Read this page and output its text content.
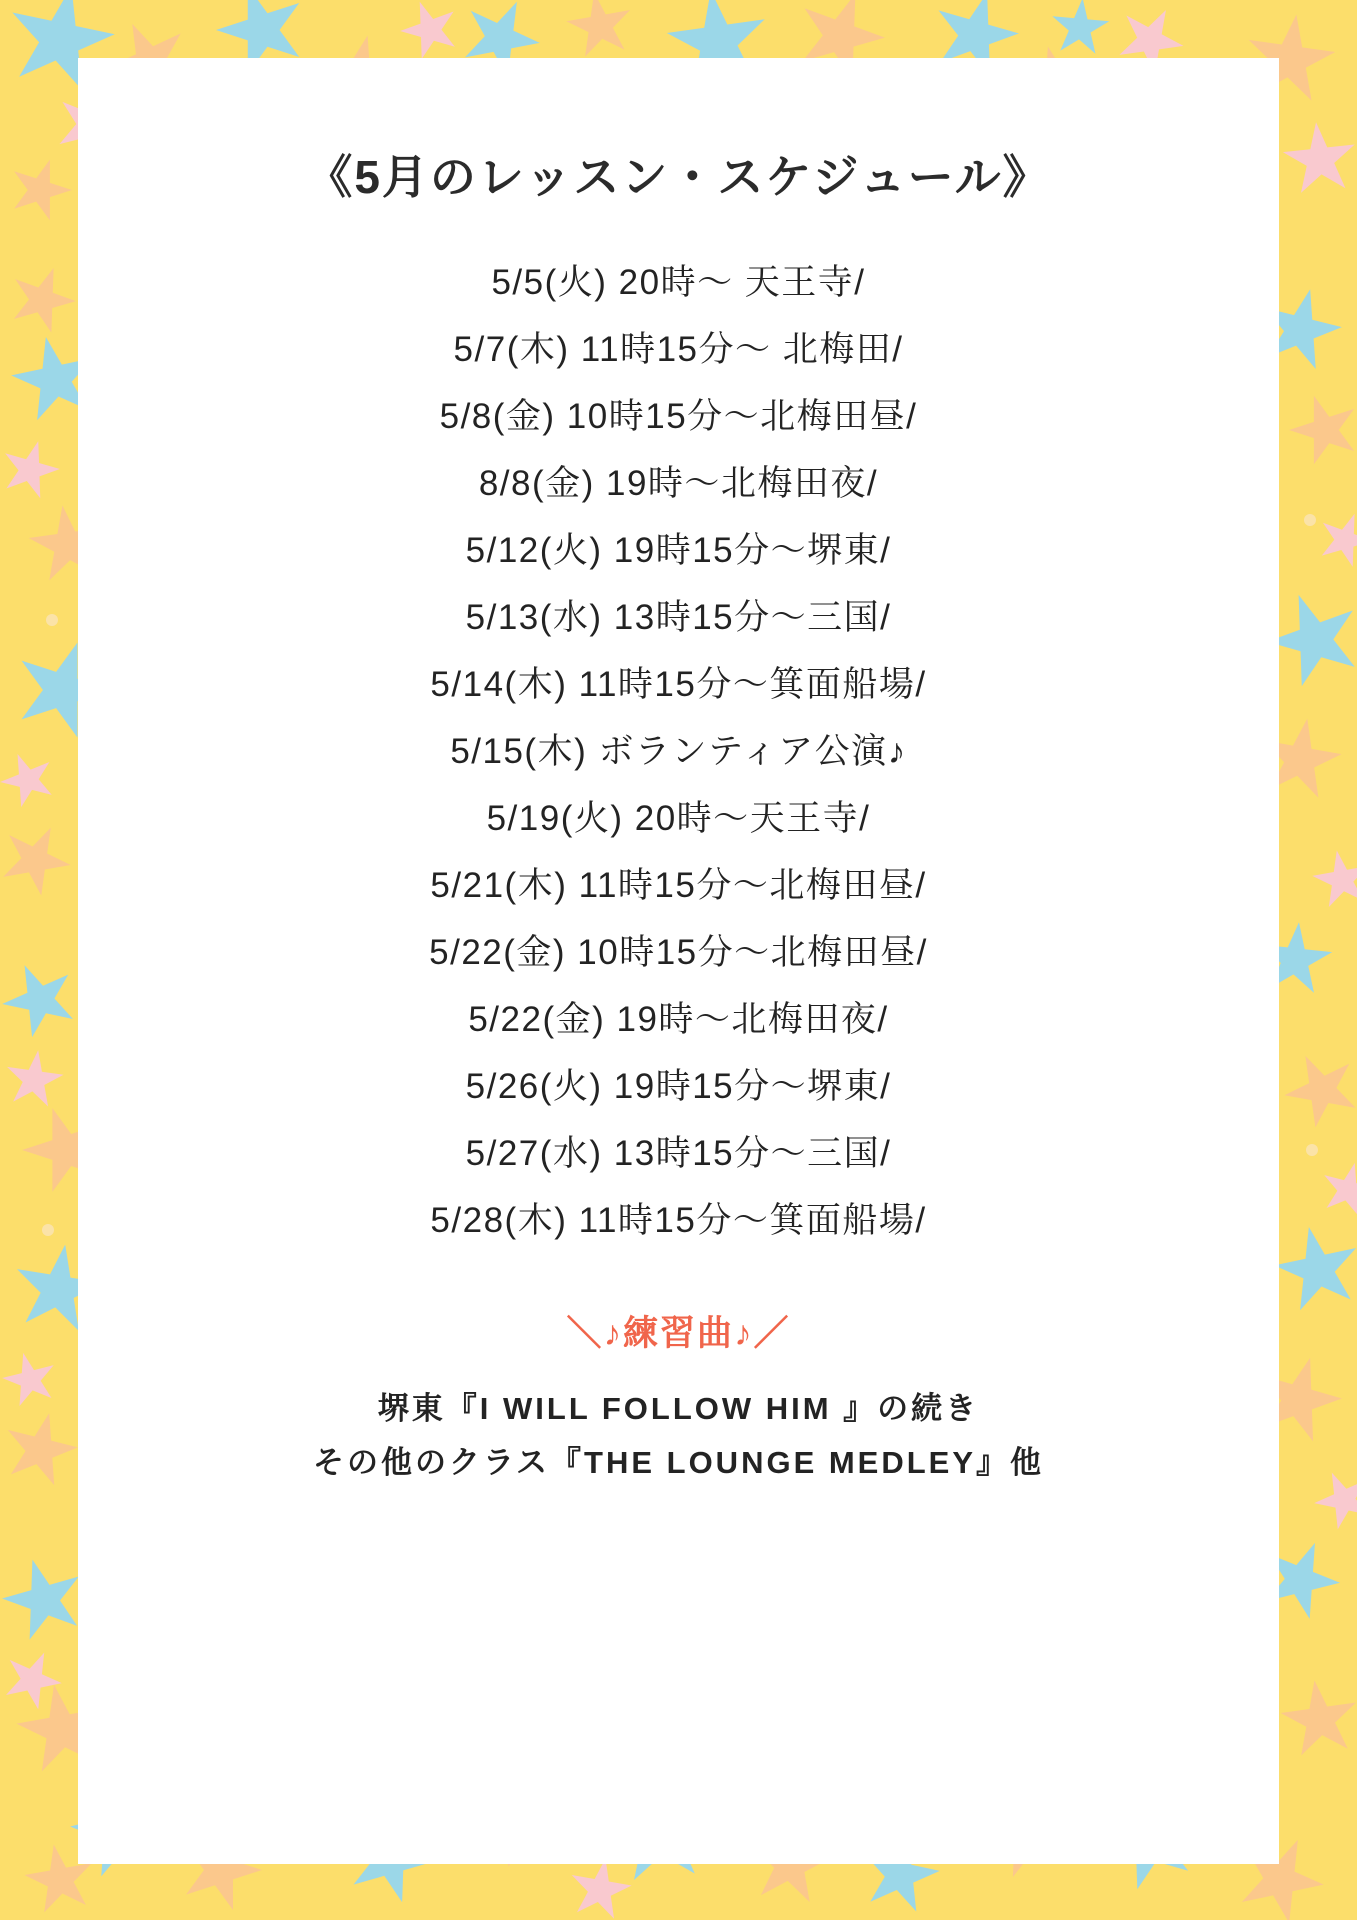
《5月のレッスン・スケジュール》
5/5(火) 20時〜 天王寺/
5/7(木) 11時15分〜 北梅田/
5/8(金) 10時15分〜北梅田昼/
8/8(金) 19時〜北梅田夜/
5/12(火) 19時15分〜堺東/
5/13(水) 13時15分〜三国/
5/14(木) 11時15分〜箕面船場/
5/15(木) ボランティア公演♪
5/19(火) 20時〜天王寺/
5/21(木) 11時15分〜北梅田昼/
5/22(金) 10時15分〜北梅田昼/
5/22(金) 19時〜北梅田夜/
5/26(火) 19時15分〜堺東/
5/27(水) 13時15分〜三国/
5/28(木) 11時15分〜箕面船場/
＼♪練習曲♪／
堺東『I WILL FOLLOW HIM 』の続き
その他のクラス『THE LOUNGE MEDLEY』他
